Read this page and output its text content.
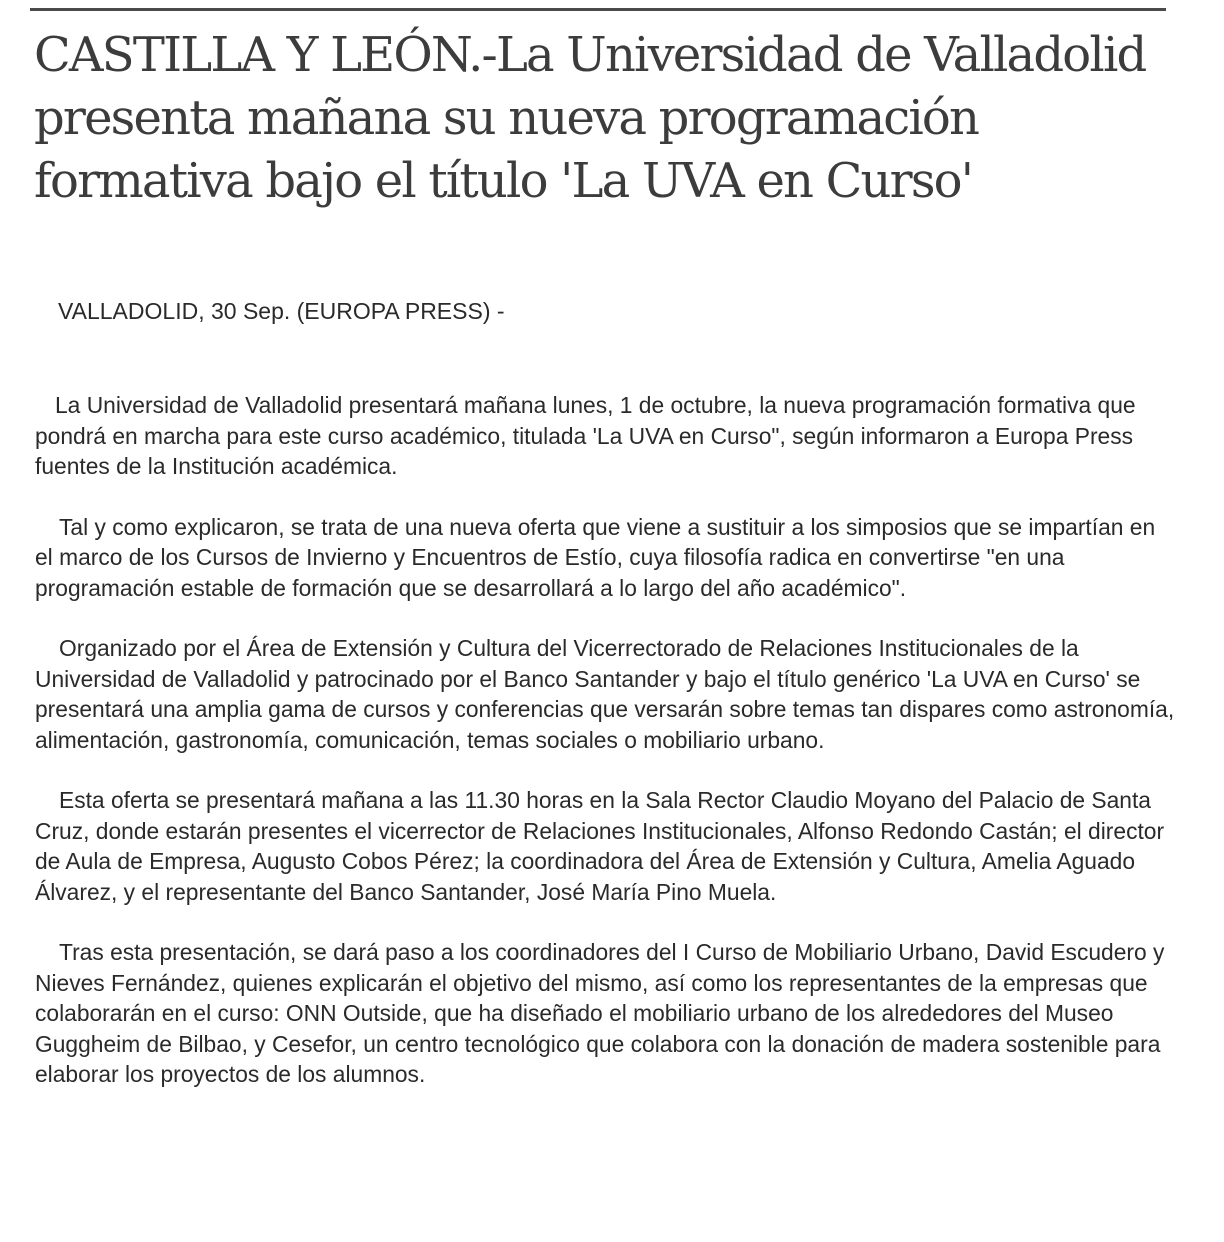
CASTILLA Y LEÓN.-La Universidad de Valladolid presenta mañana su nueva programación formativa bajo el título 'La UVA en Curso'

VALLADOLID, 30 Sep. (EUROPA PRESS) -

La Universidad de Valladolid presentará mañana lunes, 1 de octubre, la nueva programación formativa que pondrá en marcha para este curso académico, titulada 'La UVA en Curso", según informaron a Europa Press fuentes de la Institución académica.

Tal y como explicaron, se trata de una nueva oferta que viene a sustituir a los simposios que se impartían en el marco de los Cursos de Invierno y Encuentros de Estío, cuya filosofía radica en convertirse "en una programación estable de formación que se desarrollará a lo largo del año académico".

Organizado por el Área de Extensión y Cultura del Vicerrectorado de Relaciones Institucionales de la Universidad de Valladolid y patrocinado por el Banco Santander y bajo el título genérico 'La UVA en Curso' se presentará una amplia gama de cursos y conferencias que versarán sobre temas tan dispares como astronomía, alimentación, gastronomía, comunicación, temas sociales o mobiliario urbano.

Esta oferta se presentará mañana a las 11.30 horas en la Sala Rector Claudio Moyano del Palacio de Santa Cruz, donde estarán presentes el vicerrector de Relaciones Institucionales, Alfonso Redondo Castán; el director de Aula de Empresa, Augusto Cobos Pérez; la coordinadora del Área de Extensión y Cultura, Amelia Aguado Álvarez, y el representante del Banco Santander, José María Pino Muela.

Tras esta presentación, se dará paso a los coordinadores del I Curso de Mobiliario Urbano, David Escudero y Nieves Fernández, quienes explicarán el objetivo del mismo, así como los representantes de la empresas que colaborarán en el curso: ONN Outside, que ha diseñado el mobiliario urbano de los alrededores del Museo Guggheim de Bilbao, y Cesefor, un centro tecnológico que colabora con la donación de madera sostenible para elaborar los proyectos de los alumnos.
